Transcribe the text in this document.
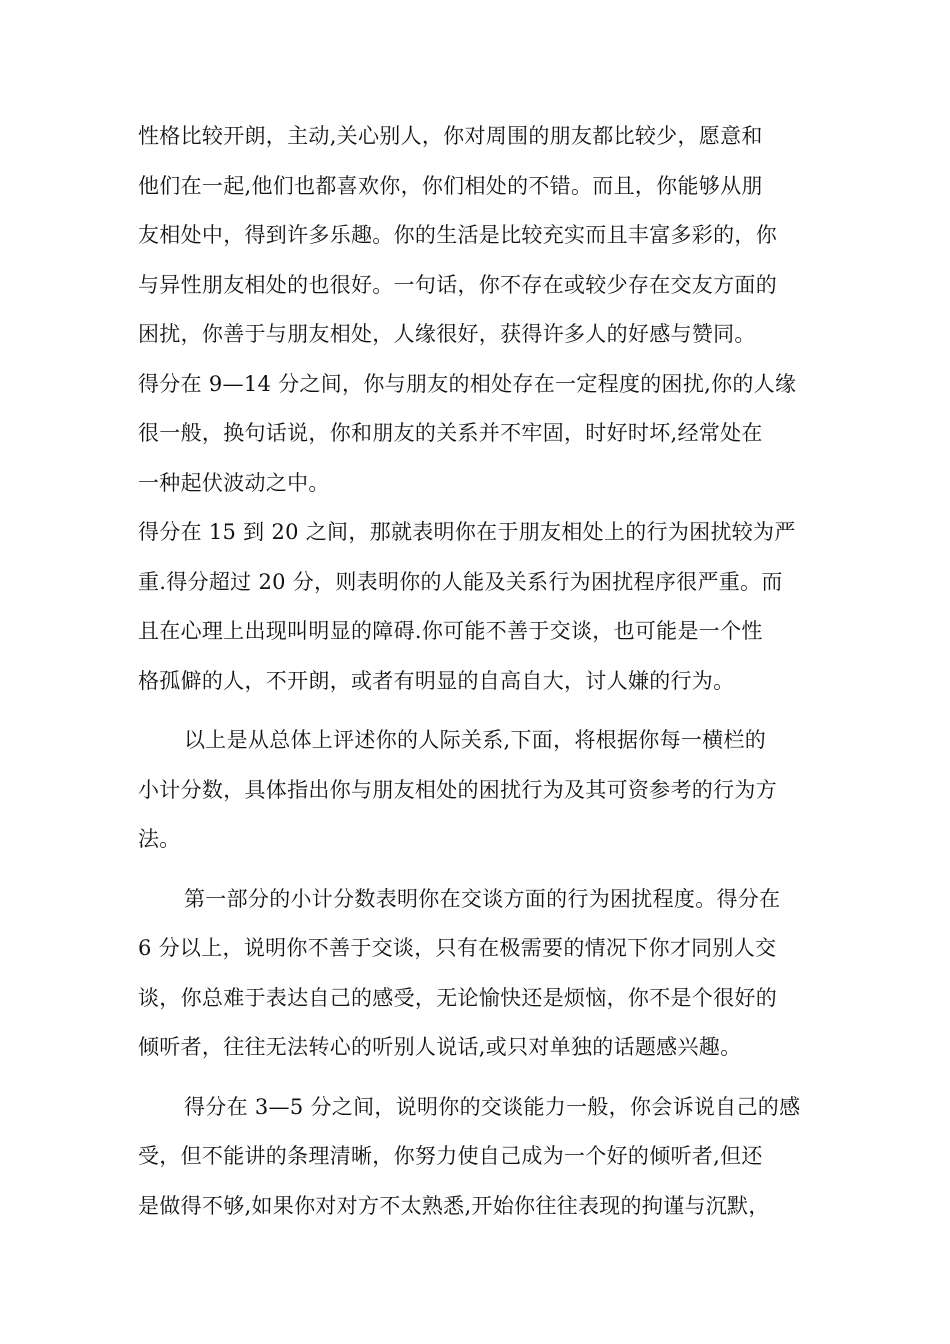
性格比较开朗，主动,关心别人，你对周围的朋友都比较少，愿意和
他们在一起,他们也都喜欢你，你们相处的不错。而且，你能够从朋
友相处中，得到许多乐趣。你的生活是比较充实而且丰富多彩的，你
与异性朋友相处的也很好。一句话，你不存在或较少存在交友方面的
困扰，你善于与朋友相处，人缘很好，获得许多人的好感与赞同。
得分在 9—14 分之间，你与朋友的相处存在一定程度的困扰,你的人缘
很一般，换句话说，你和朋友的关系并不牢固，时好时坏,经常处在
一种起伏波动之中。
得分在 15 到 20 之间，那就表明你在于朋友相处上的行为困扰较为严
重.得分超过 20 分，则表明你的人能及关系行为困扰程序很严重。而
且在心理上出现叫明显的障碍.你可能不善于交谈，也可能是一个性
格孤僻的人，不开朗，或者有明显的自高自大，讨人嫌的行为。
以上是从总体上评述你的人际关系,下面，将根据你每一横栏的
小计分数，具体指出你与朋友相处的困扰行为及其可资参考的行为方
法。
第一部分的小计分数表明你在交谈方面的行为困扰程度。得分在
6 分以上，说明你不善于交谈，只有在极需要的情况下你才同别人交
谈，你总难于表达自己的感受，无论愉快还是烦恼，你不是个很好的
倾听者，往往无法转心的听别人说话,或只对单独的话题感兴趣。
得分在 3—5 分之间，说明你的交谈能力一般，你会诉说自己的感
受，但不能讲的条理清晰，你努力使自己成为一个好的倾听者,但还
是做得不够,如果你对对方不太熟悉,开始你往往表现的拘谨与沉默，
